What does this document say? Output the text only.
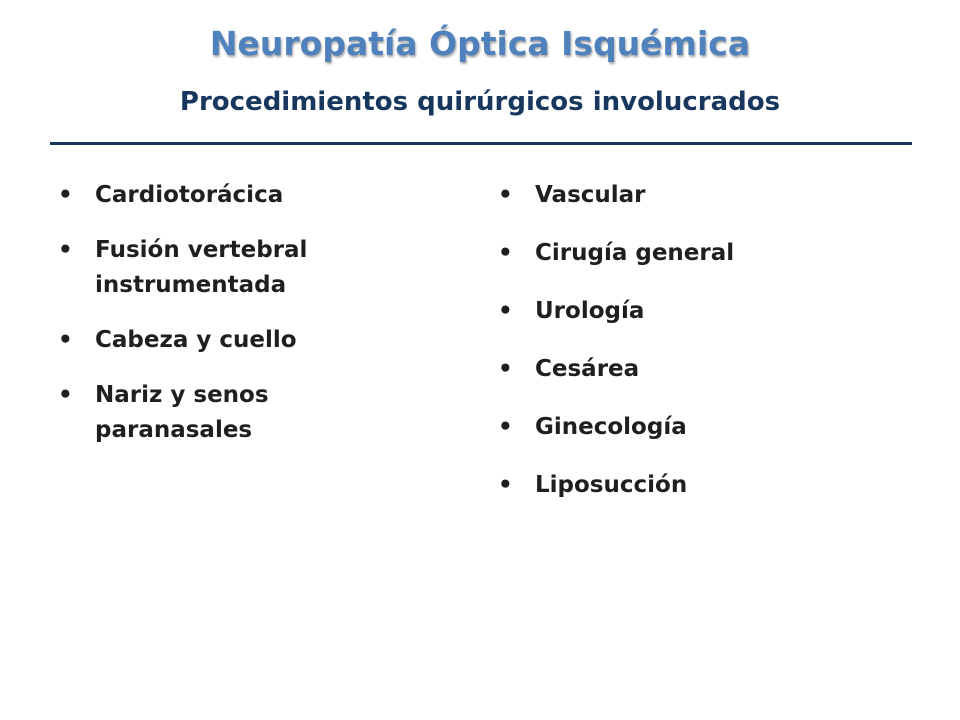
Neuropatía Óptica Isquémica
Procedimientos quirúrgicos involucrados
• Cardiotorácica
• Fusión vertebral instrumentada
• Cabeza y cuello
• Nariz y senos paranasales
• Vascular
• Cirugía general
• Urología
• Cesárea
• Ginecología
• Liposucción
